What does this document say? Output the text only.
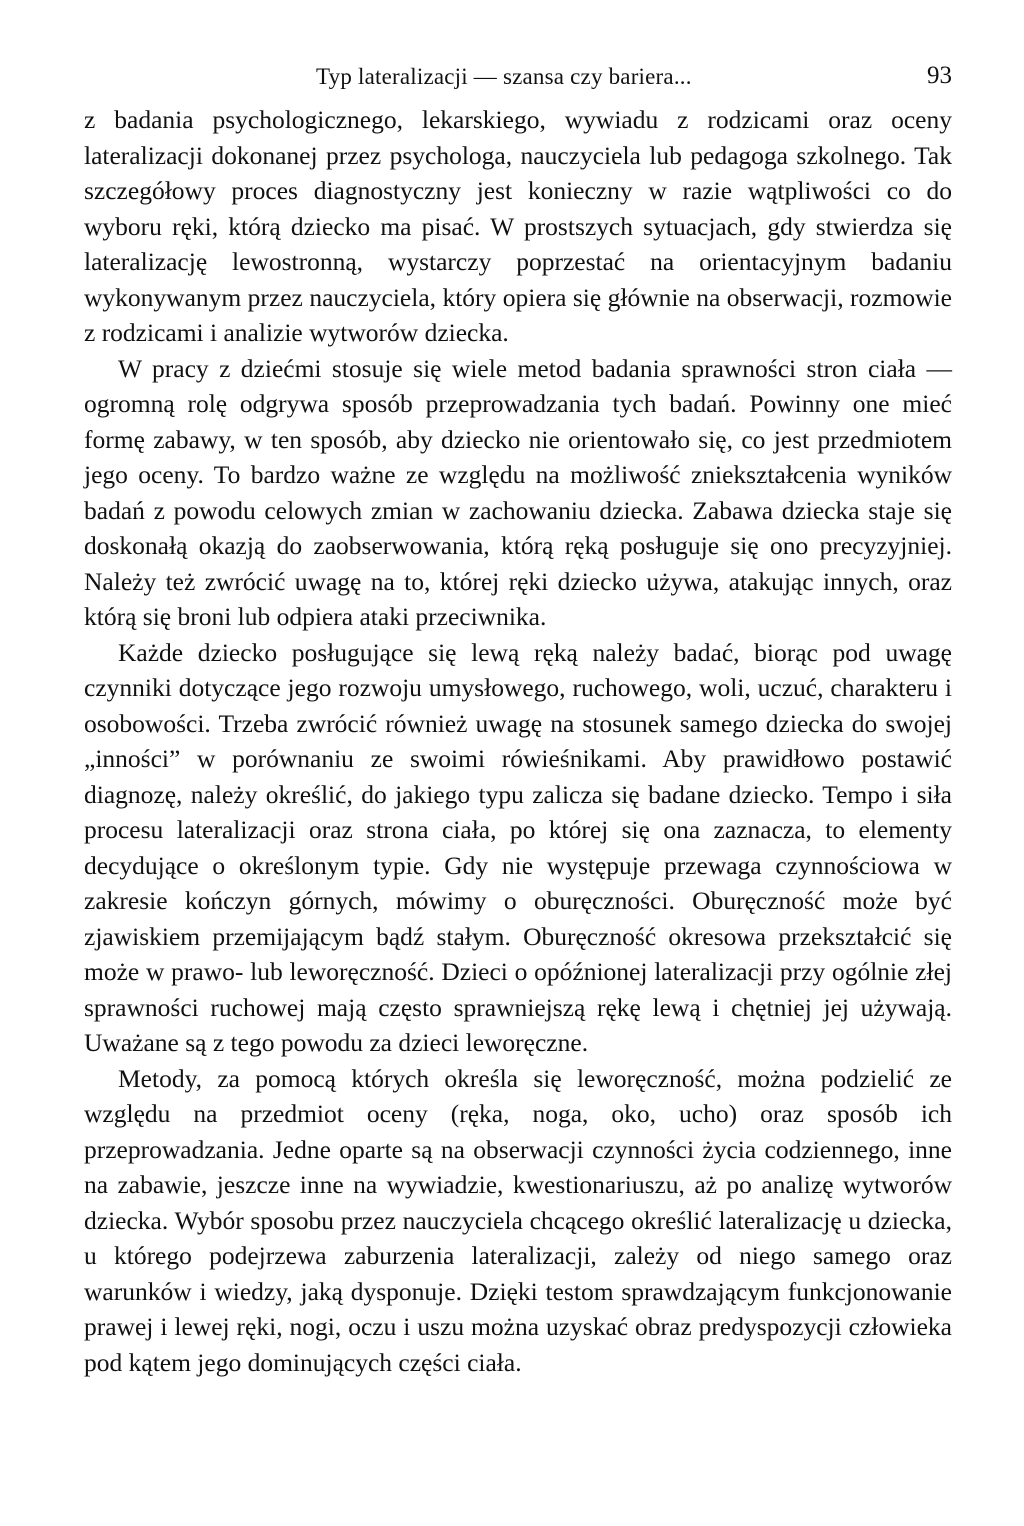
Typ lateralizacji — szansa czy bariera...	93

z badania psychologicznego, lekarskiego, wywiadu z rodzicami oraz oceny lateralizacji dokonanej przez psychologa, nauczyciela lub pedagoga szkolnego. Tak szczegółowy proces diagnostyczny jest konieczny w razie wątpliwości co do wyboru ręki, którą dziecko ma pisać. W prostszych sytuacjach, gdy stwierdza się lateralizację lewostronną, wystarczy poprzestać na orientacyjnym badaniu wykonywanym przez nauczyciela, który opiera się głównie na obserwacji, rozmowie z rodzicami i analizie wytworów dziecka.

W pracy z dziećmi stosuje się wiele metod badania sprawności stron ciała — ogromną rolę odgrywa sposób przeprowadzania tych badań. Powinny one mieć formę zabawy, w ten sposób, aby dziecko nie orientowało się, co jest przedmiotem jego oceny. To bardzo ważne ze względu na możliwość zniekształcenia wyników badań z powodu celowych zmian w zachowaniu dziecka. Zabawa dziecka staje się doskonałą okazją do zaobserwowania, którą ręką posługuje się ono precyzyjniej. Należy też zwrócić uwagę na to, której ręki dziecko używa, atakując innych, oraz którą się broni lub odpiera ataki przeciwnika.

Każde dziecko posługujące się lewą ręką należy badać, biorąc pod uwagę czynniki dotyczące jego rozwoju umysłowego, ruchowego, woli, uczuć, charakteru i osobowości. Trzeba zwrócić również uwagę na stosunek samego dziecka do swojej „inności” w porównaniu ze swoimi rówieśnikami. Aby prawidłowo postawić diagnozę, należy określić, do jakiego typu zalicza się badane dziecko. Tempo i siła procesu lateralizacji oraz strona ciała, po której się ona zaznacza, to elementy decydujące o określonym typie. Gdy nie występuje przewaga czynnościowa w zakresie kończyn górnych, mówimy o oburęczności. Oburęczność może być zjawiskiem przemijającym bądź stałym. Oburęczność okresowa przekształcić się może w prawo- lub leworęczność. Dzieci o opóźnionej lateralizacji przy ogólnie złej sprawności ruchowej mają często sprawniejszą rękę lewą i chętniej jej używają. Uważane są z tego powodu za dzieci leworęczne.

Metody, za pomocą których określa się leworęczność, można podzielić ze względu na przedmiot oceny (ręka, noga, oko, ucho) oraz sposób ich przeprowadzania. Jedne oparte są na obserwacji czynności życia codziennego, inne na zabawie, jeszcze inne na wywiadzie, kwestionariuszu, aż po analizę wytworów dziecka. Wybór sposobu przez nauczyciela chcącego określić lateralizację u dziecka, u którego podejrzewa zaburzenia lateralizacji, zależy od niego samego oraz warunków i wiedzy, jaką dysponuje. Dzięki testom sprawdzającym funkcjonowanie prawej i lewej ręki, nogi, oczu i uszu można uzyskać obraz predyspozycji człowieka pod kątem jego dominujących części ciała.
